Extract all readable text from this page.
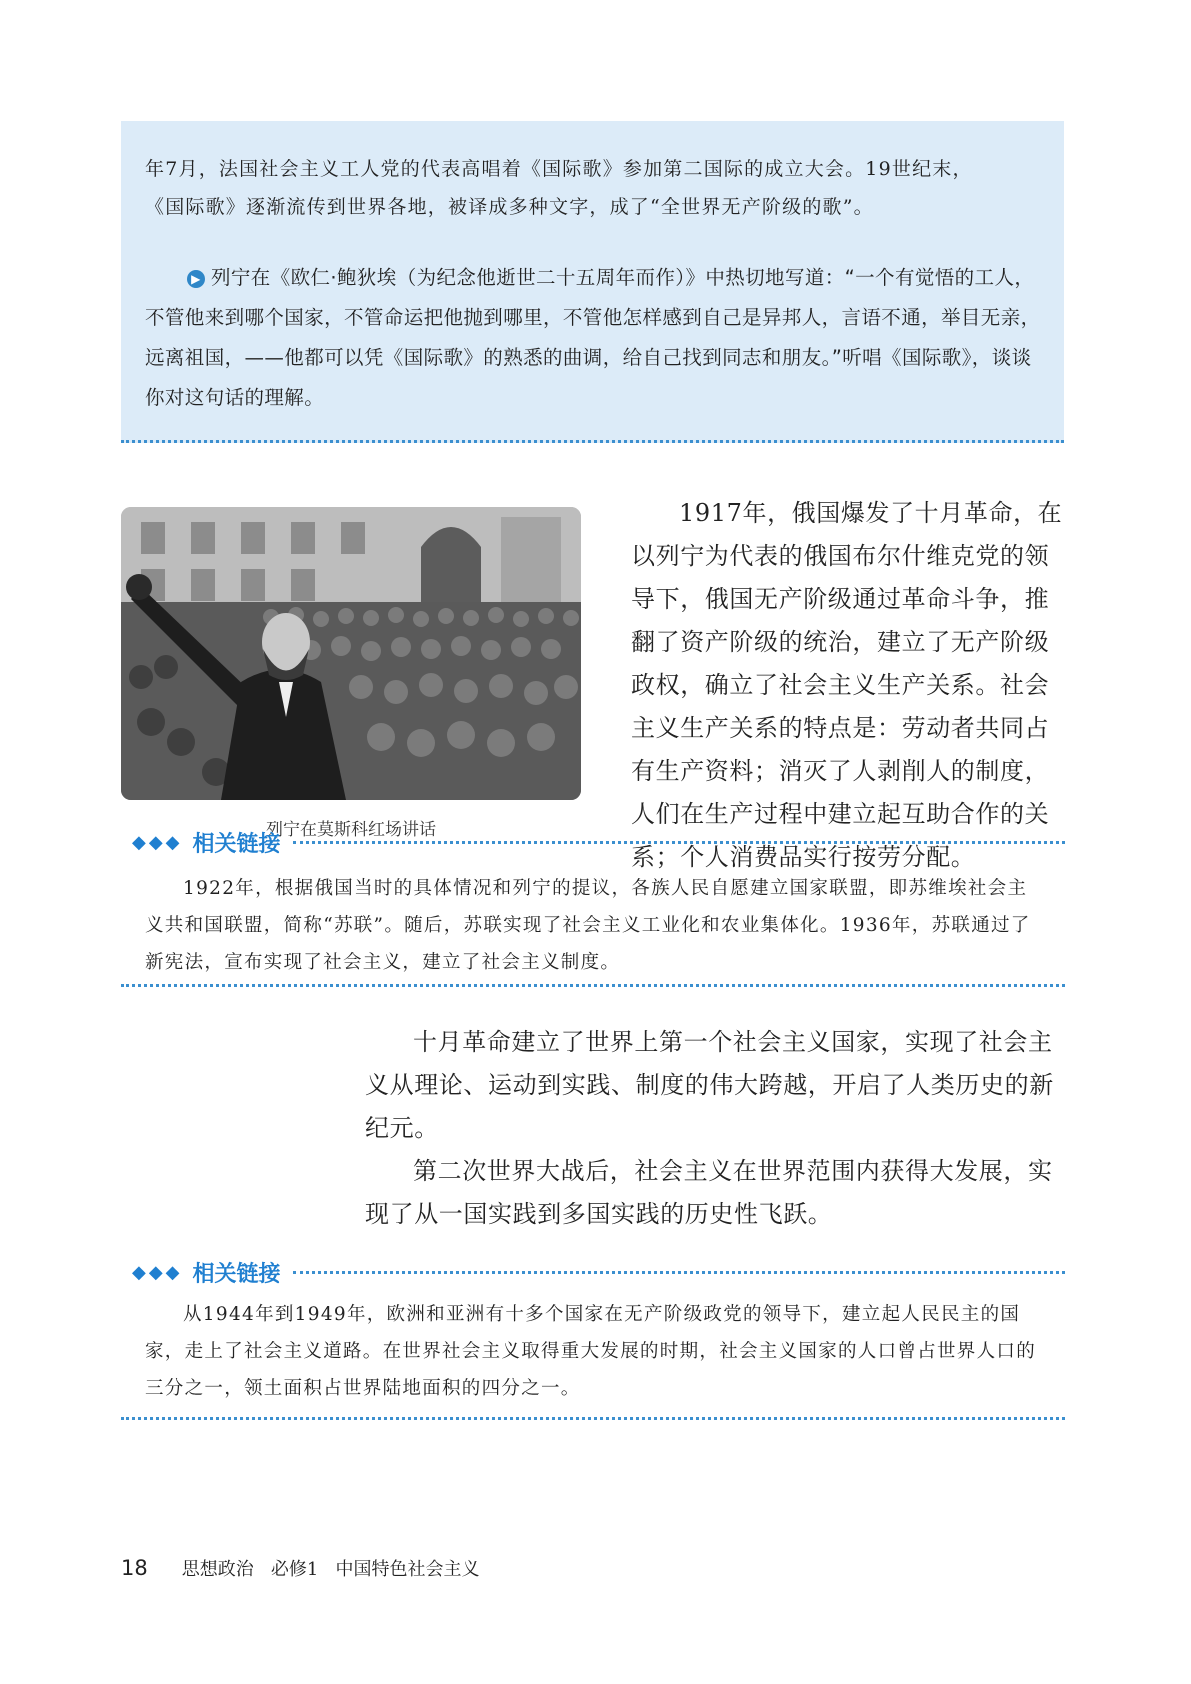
年7月，法国社会主义工人党的代表高唱着《国际歌》参加第二国际的成立大会。19世纪末，
《国际歌》逐渐流传到世界各地，被译成多种文字，成了“全世界无产阶级的歌”。
▶ 列宁在《欧仁·鲍狄埃（为纪念他逝世二十五周年而作）》中热切地写道：“一个有觉悟的工人，不管他来到哪个国家，不管命运把他抛到哪里，不管他怎样感到自己是异邦人，言语不通，举目无亲，远离祖国，——他都可以凭《国际歌》的熟悉的曲调，给自己找到同志和朋友。”听唱《国际歌》，谈谈你对这句话的理解。
列宁在莫斯科红场讲话
1917年，俄国爆发了十月革命，在以列宁为代表的俄国布尔什维克党的领导下，俄国无产阶级通过革命斗争，推翻了资产阶级的统治，建立了无产阶级政权，确立了社会主义生产关系。社会主义生产关系的特点是：劳动者共同占有生产资料；消灭了人剥削人的制度，人们在生产过程中建立起互助合作的关系；个人消费品实行按劳分配。
◆◆◆ 相关链接
1922年，根据俄国当时的具体情况和列宁的提议，各族人民自愿建立国家联盟，即苏维埃社会主义共和国联盟，简称“苏联”。随后，苏联实现了社会主义工业化和农业集体化。1936年，苏联通过了新宪法，宣布实现了社会主义，建立了社会主义制度。

十月革命建立了世界上第一个社会主义国家，实现了社会主义从理论、运动到实践、制度的伟大跨越，开启了人类历史的新纪元。

第二次世界大战后，社会主义在世界范围内获得大发展，实现了从一国实践到多国实践的历史性飞跃。

◆◆◆ 相关链接
从1944年到1949年，欧洲和亚洲有十多个国家在无产阶级政党的领导下，建立起人民民主的国家，走上了社会主义道路。在世界社会主义取得重大发展的时期，社会主义国家的人口曾占世界人口的三分之一，领土面积占世界陆地面积的四分之一。
18 思想政治 必修1 中国特色社会主义
